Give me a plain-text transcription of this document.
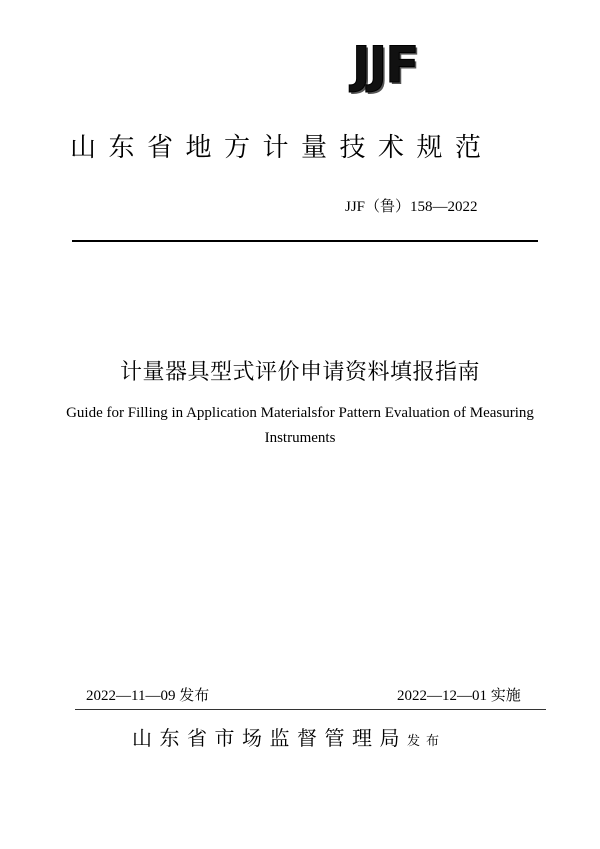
JJF
山东省地方计量技术规范
JJF（鲁）158—2022
计量器具型式评价申请资料填报指南
Guide for Filling in Application Materialsfor Pattern Evaluation of Measuring Instruments
2022—11—09 发布	2022—12—01 实施
山东省市场监督管理局发布
